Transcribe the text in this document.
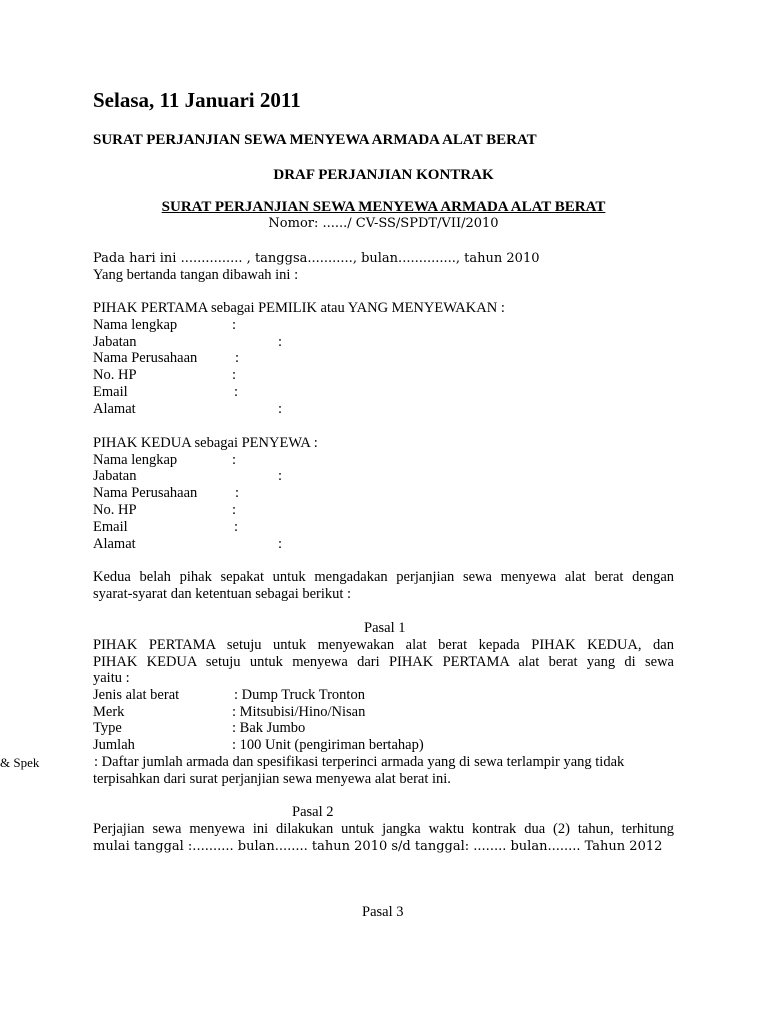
Selasa, 11 Januari 2011
SURAT PERJANJIAN SEWA MENYEWA ARMADA ALAT BERAT
DRAF PERJANJIAN KONTRAK
SURAT PERJANJIAN SEWA MENYEWA ARMADA ALAT BERAT
Nomor: ....../ CV-SS/SPDT/VII/2010
Pada hari ini ............... , tanggsa..........., bulan.............., tahun 2010
Yang bertanda tangan dibawah ini :
PIHAK PERTAMA sebagai PEMILIK atau YANG MENYEWAKAN :
Nama lengkap	:
Jabatan	:
Nama Perusahaan	:
No. HP	:
Email	:
Alamat	:
PIHAK KEDUA sebagai PENYEWA :
Nama lengkap	:
Jabatan	:
Nama Perusahaan	:
No. HP	:
Email	:
Alamat	:
Kedua belah pihak sepakat untuk mengadakan perjanjian sewa menyewa alat berat dengan
syarat-syarat dan ketentuan sebagai berikut :
Pasal 1
PIHAK PERTAMA setuju untuk menyewakan alat berat kepada PIHAK KEDUA, dan
PIHAK KEDUA setuju untuk menyewa dari PIHAK PERTAMA alat berat yang di sewa
yaitu :
Jenis alat berat	: Dump Truck Tronton
Merk	: Mitsubisi/Hino/Nisan
Type	: Bak Jumbo
Jumlah	: 100 Unit (pengiriman bertahap)
& Spek	: Daftar jumlah armada dan spesifikasi terperinci armada yang di sewa terlampir yang tidak
terpisahkan dari surat perjanjian sewa menyewa alat berat ini.
Pasal 2
Perjajian sewa menyewa ini dilakukan untuk jangka waktu kontrak dua (2) tahun, terhitung
mulai tanggal :.......... bulan........ tahun 2010 s/d tanggal: ........ bulan........ Tahun 2012
Pasal 3
